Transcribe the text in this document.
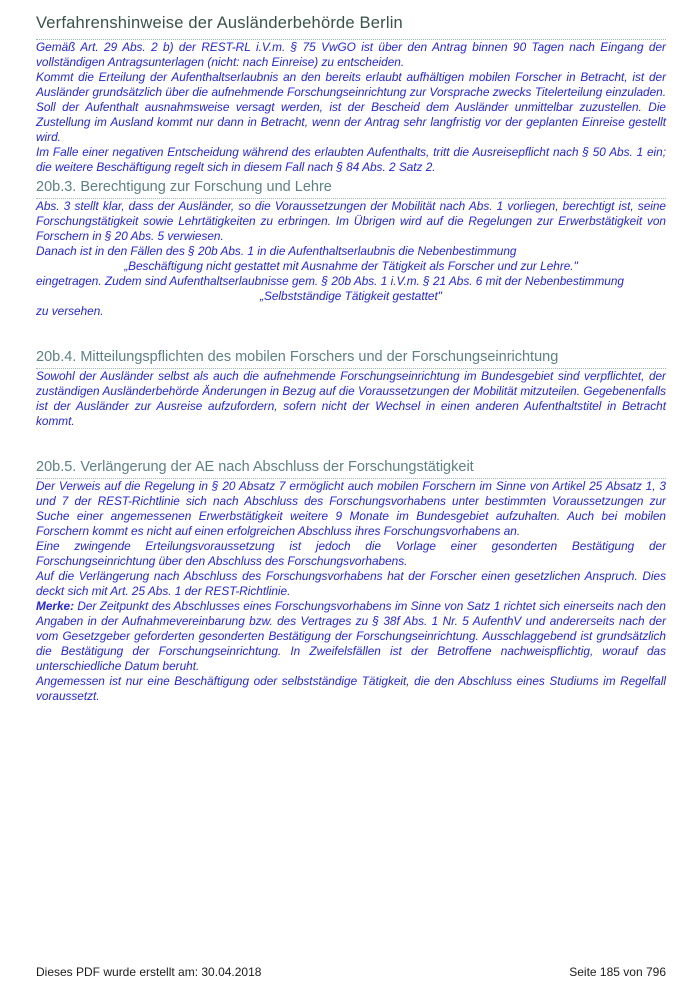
Verfahrenshinweise der Ausländerbehörde Berlin

Gemäß Art. 29 Abs. 2 b) der REST-RL i.V.m. § 75 VwGO ist über den Antrag binnen 90 Tagen nach Eingang der vollständigen Antragsunterlagen (nicht: nach Einreise) zu entscheiden.

Kommt die Erteilung der Aufenthaltserlaubnis an den bereits erlaubt aufhältigen mobilen Forscher in Betracht, ist der Ausländer grundsätzlich über die aufnehmende Forschungseinrichtung zur Vorsprache zwecks Titelerteilung einzuladen. Soll der Aufenthalt ausnahmsweise versagt werden, ist der Bescheid dem Ausländer unmittelbar zuzustellen. Die Zustellung im Ausland kommt nur dann in Betracht, wenn der Antrag sehr langfristig vor der geplanten Einreise gestellt wird.

Im Falle einer negativen Entscheidung während des erlaubten Aufenthalts, tritt die Ausreisepflicht nach § 50 Abs. 1 ein; die weitere Beschäftigung regelt sich in diesem Fall nach § 84 Abs. 2 Satz 2.

20b.3. Berechtigung zur Forschung und Lehre

Abs. 3 stellt klar, dass der Ausländer, so die Voraussetzungen der Mobilität nach Abs. 1 vorliegen, berechtigt ist, seine Forschungstätigkeit sowie Lehrtätigkeiten zu erbringen. Im Übrigen wird auf die Regelungen zur Erwerbstätigkeit von Forschern in § 20 Abs. 5 verwiesen.

Danach ist in den Fällen des § 20b Abs. 1 in die Aufenthaltserlaubnis die Nebenbestimmung

„Beschäftigung nicht gestattet mit Ausnahme der Tätigkeit als Forscher und zur Lehre."

eingetragen. Zudem sind Aufenthaltserlaubnisse gem. § 20b Abs. 1 i.V.m. § 21 Abs. 6 mit der Nebenbestimmung

„Selbstständige Tätigkeit gestattet"

zu versehen.

20b.4. Mitteilungspflichten des mobilen Forschers und der Forschungseinrichtung

Sowohl der Ausländer selbst als auch die aufnehmende Forschungseinrichtung im Bundesgebiet sind verpflichtet, der zuständigen Ausländerbehörde Änderungen in Bezug auf die Voraussetzungen der Mobilität mitzuteilen. Gegebenenfalls ist der Ausländer zur Ausreise aufzufordern, sofern nicht der Wechsel in einen anderen Aufenthaltstitel in Betracht kommt.

20b.5. Verlängerung der AE nach Abschluss der Forschungstätigkeit

Der Verweis auf die Regelung in § 20 Absatz 7 ermöglicht auch mobilen Forschern im Sinne von Artikel 25 Absatz 1, 3 und 7 der REST-Richtlinie sich nach Abschluss des Forschungsvorhabens unter bestimmten Voraussetzungen zur Suche einer angemessenen Erwerbstätigkeit weitere 9 Monate im Bundesgebiet aufzuhalten. Auch bei mobilen Forschern kommt es nicht auf einen erfolgreichen Abschluss ihres Forschungsvorhabens an.

Eine zwingende Erteilungsvoraussetzung ist jedoch die Vorlage einer gesonderten Bestätigung der Forschungseinrichtung über den Abschluss des Forschungsvorhabens.

Auf die Verlängerung nach Abschluss des Forschungsvorhabens hat der Forscher einen gesetzlichen Anspruch. Dies deckt sich mit Art. 25 Abs. 1 der REST-Richtlinie.

Merke: Der Zeitpunkt des Abschlusses eines Forschungsvorhabens im Sinne von Satz 1 richtet sich einerseits nach den Angaben in der Aufnahmevereinbarung bzw. des Vertrages zu § 38f Abs. 1 Nr. 5 AufenthV und andererseits nach der vom Gesetzgeber geforderten gesonderten Bestätigung der Forschungseinrichtung. Ausschlaggebend ist grundsätzlich die Bestätigung der Forschungseinrichtung. In Zweifelsfällen ist der Betroffene nachweispflichtig, worauf das unterschiedliche Datum beruht.

Angemessen ist nur eine Beschäftigung oder selbstständige Tätigkeit, die den Abschluss eines Studiums im Regelfall voraussetzt.

Dieses PDF wurde erstellt am: 30.04.2018	Seite 185 von 796
